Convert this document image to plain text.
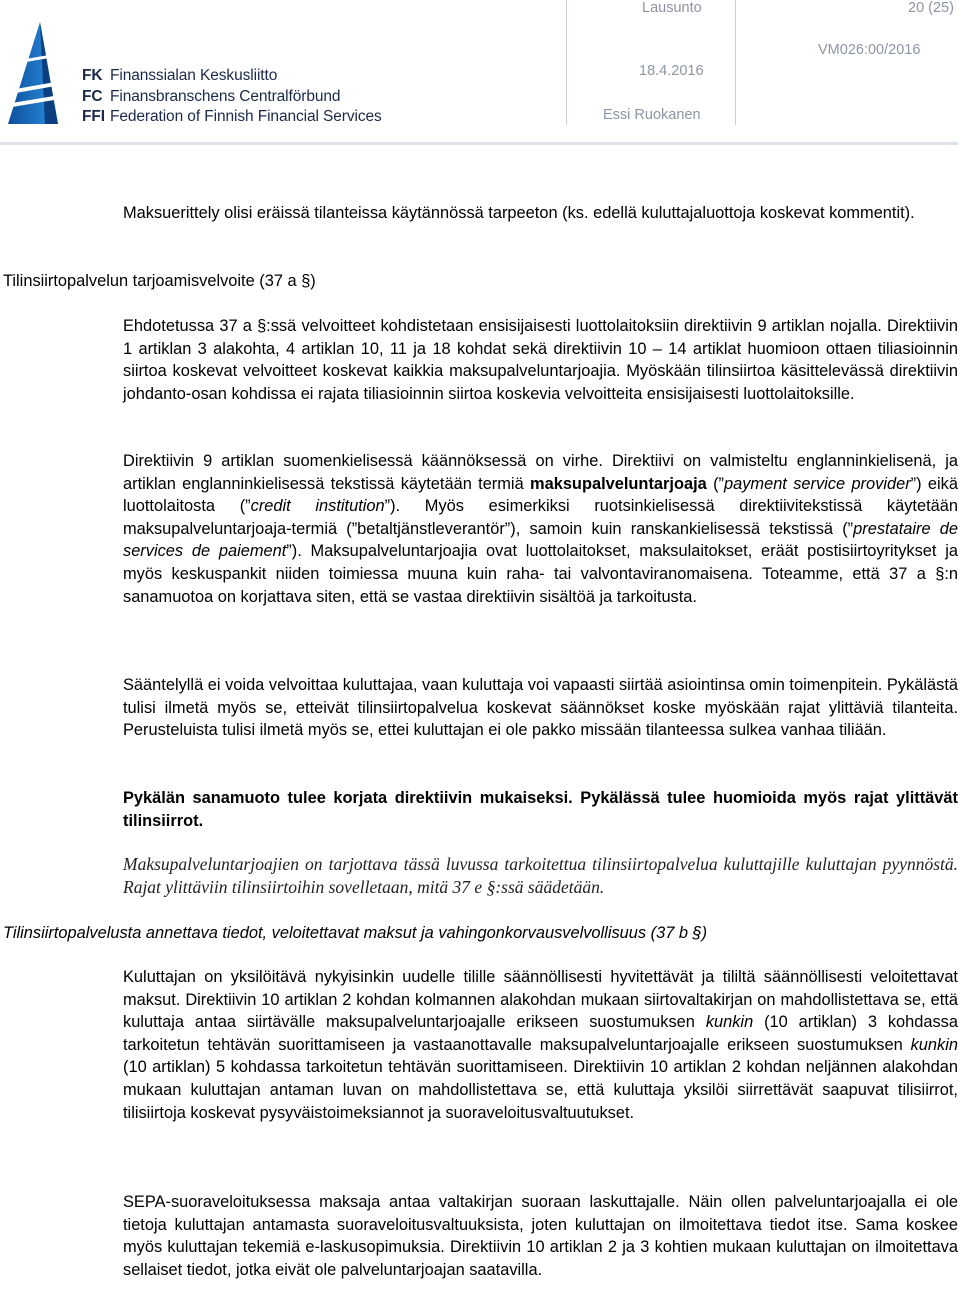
FK Finanssialan Keskusliitto
FC Finansbranschens Centralförbund
FFI Federation of Finnish Financial Services
Lausunto	20 (25)
18.4.2016
VM026:00/2016
Essi Ruokanen

Maksuerittely olisi eräissä tilanteissa käytännössä tarpeeton (ks. edellä kuluttajaluottoja koskevat kommentit).

Tilinsiirtopalvelun tarjoamisvelvoite (37 a §)

Ehdotetussa 37 a §:ssä velvoitteet kohdistetaan ensisijaisesti luottolaitoksiin direktiivin 9 artiklan nojalla. Direktiivin 1 artiklan 3 alakohta, 4 artiklan 10, 11 ja 18 kohdat sekä direktiivin 10 – 14 artiklat huomioon ottaen tiliasioinnin siirtoa koskevat velvoitteet koskevat kaikkia maksupalveluntarjoajia. Myöskään tilinsiirtoa käsittelevässä direktiivin johdanto-osan kohdissa ei rajata tiliasioinnin siirtoa koskevia velvoitteita ensisijaisesti luottolaitoksille.

Direktiivin 9 artiklan suomenkielisessä käännöksessä on virhe. Direktiivi on valmisteltu englanninkielisenä, ja artiklan englanninkielisessä tekstissä käytetään termiä maksupalveluntarjoaja (”payment service provider”) eikä luottolaitosta (”credit institution”). Myös esimerkiksi ruotsinkielisessä direktiivitekstissä käytetään maksupalveluntarjoaja-termiä (”betaltjänstleverantör”), samoin kuin ranskankielisessä tekstissä (”prestataire de services de paiement”). Maksupalveluntarjoajia ovat luottolaitokset, maksulaitokset, eräät postisiirtoyritykset ja myös keskuspankit niiden toimiessa muuna kuin raha- tai valvontaviranomaisena. Toteamme, että 37 a §:n sanamuotoa on korjattava siten, että se vastaa direktiivin sisältöä ja tarkoitusta.

Sääntelyllä ei voida velvoittaa kuluttajaa, vaan kuluttaja voi vapaasti siirtää asiointinsa omin toimenpitein. Pykälästä tulisi ilmetä myös se, etteivät tilinsiirtopalvelua koskevat säännökset koske myöskään rajat ylittäviä tilanteita. Perusteluista tulisi ilmetä myös se, ettei kuluttajan ei ole pakko missään tilanteessa sulkea vanhaa tiliään.

Pykälän sanamuoto tulee korjata direktiivin mukaiseksi. Pykälässä tulee huomioida myös rajat ylittävät tilinsiirrot.

Maksupalveluntarjoajien on tarjottava tässä luvussa tarkoitettua tilinsiirtopalvelua kuluttajille kuluttajan pyynnöstä. Rajat ylittäviin tilinsiirtoihin sovelletaan, mitä 37 e §:ssä säädetään.

Tilinsiirtopalvelusta annettava tiedot, veloitettavat maksut ja vahingonkorvausvelvollisuus (37 b §)

Kuluttajan on yksilöitävä nykyisinkin uudelle tilille säännöllisesti hyvitettävät ja tililtä säännöllisesti veloitettavat maksut. Direktiivin 10 artiklan 2 kohdan kolmannen alakohdan mukaan siirtovaltakirjan on mahdollistettava se, että kuluttaja antaa siirtävälle maksupalveluntarjoajalle erikseen suostumuksen kunkin (10 artiklan) 3 kohdassa tarkoitetun tehtävän suorittamiseen ja vastaanottavalle maksupalveluntarjoajalle erikseen suostumuksen kunkin (10 artiklan) 5 kohdassa tarkoitetun tehtävän suorittamiseen. Direktiivin 10 artiklan 2 kohdan neljännen alakohdan mukaan kuluttajan antaman luvan on mahdollistettava se, että kuluttaja yksilöi siirrettävät saapuvat tilisiirrot, tilisiirtoja koskevat pysyväistoimeksiannot ja suoraveloitusvaltuutukset.

SEPA-suoraveloituksessa maksaja antaa valtakirjan suoraan laskuttajalle. Näin ollen palveluntarjoajalla ei ole tietoja kuluttajan antamasta suoraveloitusvaltuuksista, joten kuluttajan on ilmoitettava tiedot itse. Sama koskee myös kuluttajan tekemiä e-laskusopimuksia. Direktiivin 10 artiklan 2 ja 3 kohtien mukaan kuluttajan on ilmoitettava sellaiset tiedot, jotka eivät ole palveluntarjoajan saatavilla.
